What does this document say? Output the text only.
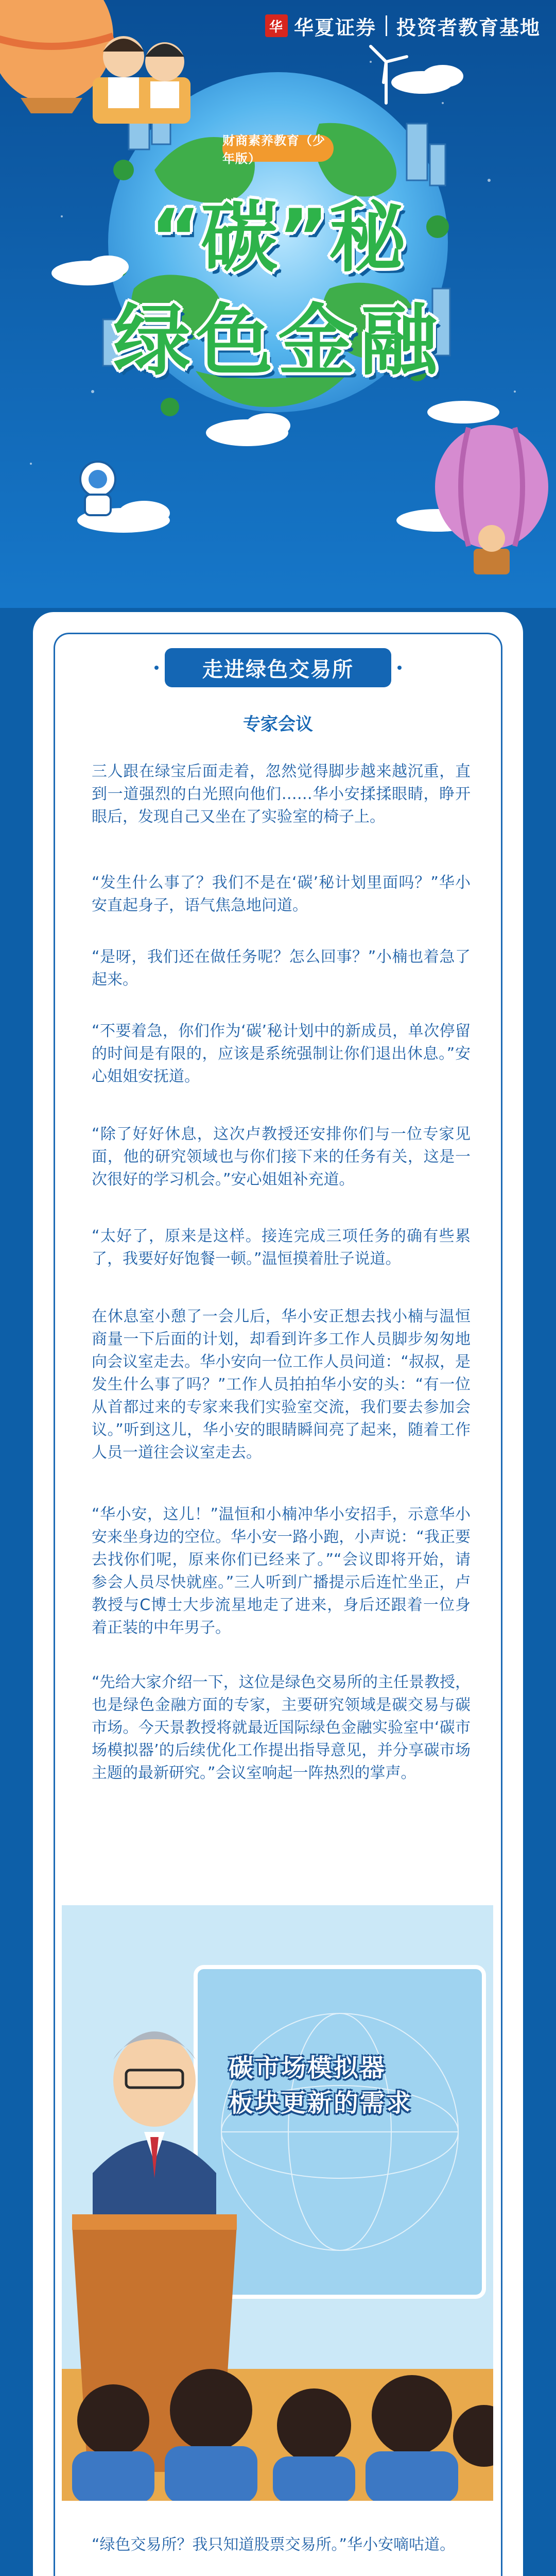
华 华夏证券 投资者教育基地
财商素养教育（少年版）
“碳”秘
绿色金融
走进绿色交易所
专家会议

三人跟在绿宝后面走着，忽然觉得脚步越来越沉重，直到一道强烈的白光照向他们……华小安揉揉眼睛，睁开眼后，发现自己又坐在了实验室的椅子上。

“发生什么事了？我们不是在‘碳’秘计划里面吗？”华小安直起身子，语气焦急地问道。

“是呀，我们还在做任务呢？怎么回事？”小楠也着急了起来。

“不要着急，你们作为‘碳’秘计划中的新成员，单次停留的时间是有限的，应该是系统强制让你们退出休息。”安心姐姐安抚道。

“除了好好休息，这次卢教授还安排你们与一位专家见面，他的研究领域也与你们接下来的任务有关，这是一次很好的学习机会。”安心姐姐补充道。

“太好了，原来是这样。接连完成三项任务的确有些累了，我要好好饱餐一顿。”温恒摸着肚子说道。

在休息室小憩了一会儿后，华小安正想去找小楠与温恒商量一下后面的计划，却看到许多工作人员脚步匆匆地向会议室走去。华小安向一位工作人员问道：“叔叔，是发生什么事了吗？”工作人员拍拍华小安的头：“有一位从首都过来的专家来我们实验室交流，我们要去参加会议。”听到这儿，华小安的眼睛瞬间亮了起来，随着工作人员一道往会议室走去。

“华小安，这儿！”温恒和小楠冲华小安招手，示意华小安来坐身边的空位。华小安一路小跑，小声说：“我正要去找你们呢，原来你们已经来了。”“会议即将开始，请参会人员尽快就座。”三人听到广播提示后连忙坐正，卢教授与C博士大步流星地走了进来，身后还跟着一位身着正装的中年男子。

“先给大家介绍一下，这位是绿色交易所的主任景教授，也是绿色金融方面的专家，主要研究领域是碳交易与碳市场。今天景教授将就最近国际绿色金融实验室中‘碳市场模拟器’的后续优化工作提出指导意见，并分享碳市场主题的最新研究。”会议室响起一阵热烈的掌声。

碳市场模拟器
板块更新的需求

“绿色交易所？我只知道股票交易所。”华小安嘀咕道。
